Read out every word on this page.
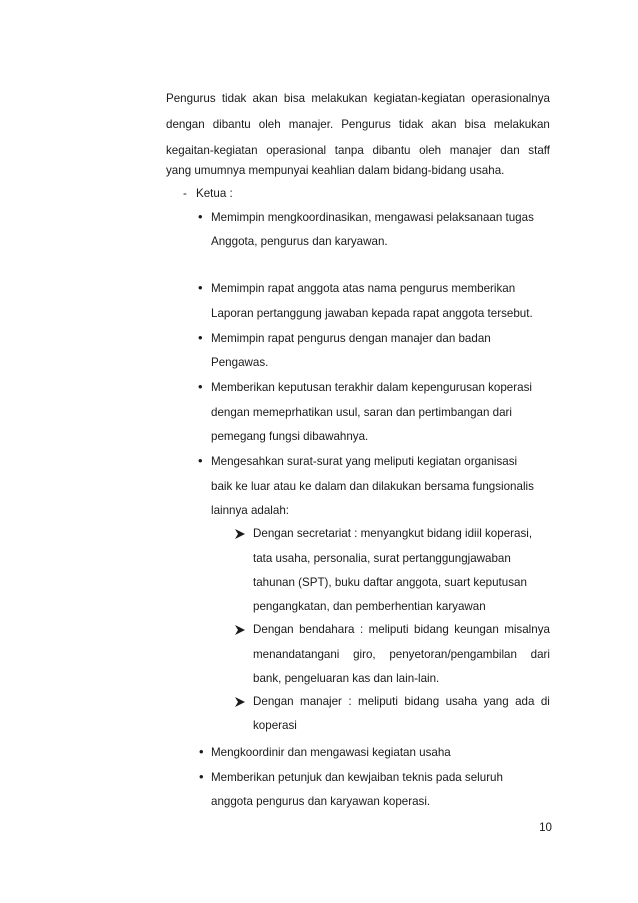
Pengurus tidak akan bisa melakukan kegiatan-kegiatan operasionalnya
dengan dibantu oleh manajer. Pengurus tidak akan bisa melakukan
kegaitan-kegiatan operasional tanpa dibantu oleh manajer dan staff
yang umumnya mempunyai keahlian dalam bidang-bidang usaha.
- Ketua :
• Memimpin mengkoordinasikan, mengawasi pelaksanaan tugas
Anggota, pengurus dan karyawan.
• Memimpin rapat anggota atas nama pengurus memberikan
Laporan pertanggung jawaban kepada rapat anggota tersebut.
• Memimpin rapat pengurus dengan manajer dan badan
Pengawas.
• Memberikan keputusan terakhir dalam kepengurusan koperasi
dengan memeprhatikan usul, saran dan pertimbangan dari
pemegang fungsi dibawahnya.
• Mengesahkan surat-surat yang meliputi kegiatan organisasi
baik ke luar atau ke dalam dan dilakukan bersama fungsionalis
lainnya adalah:
Dengan secretariat : menyangkut bidang idiil koperasi,
tata usaha, personalia, surat pertanggungjawaban
tahunan (SPT), buku daftar anggota, suart keputusan
pengangkatan, dan pemberhentian karyawan
Dengan bendahara : meliputi bidang keungan misalnya
menandatangani giro, penyetoran/pengambilan dari
bank, pengeluaran kas dan lain-lain.
Dengan manajer : meliputi bidang usaha yang ada di
koperasi
• Mengkoordinir dan mengawasi kegiatan usaha
• Memberikan petunjuk dan kewjaiban teknis pada seluruh
anggota pengurus dan karyawan koperasi.
10
